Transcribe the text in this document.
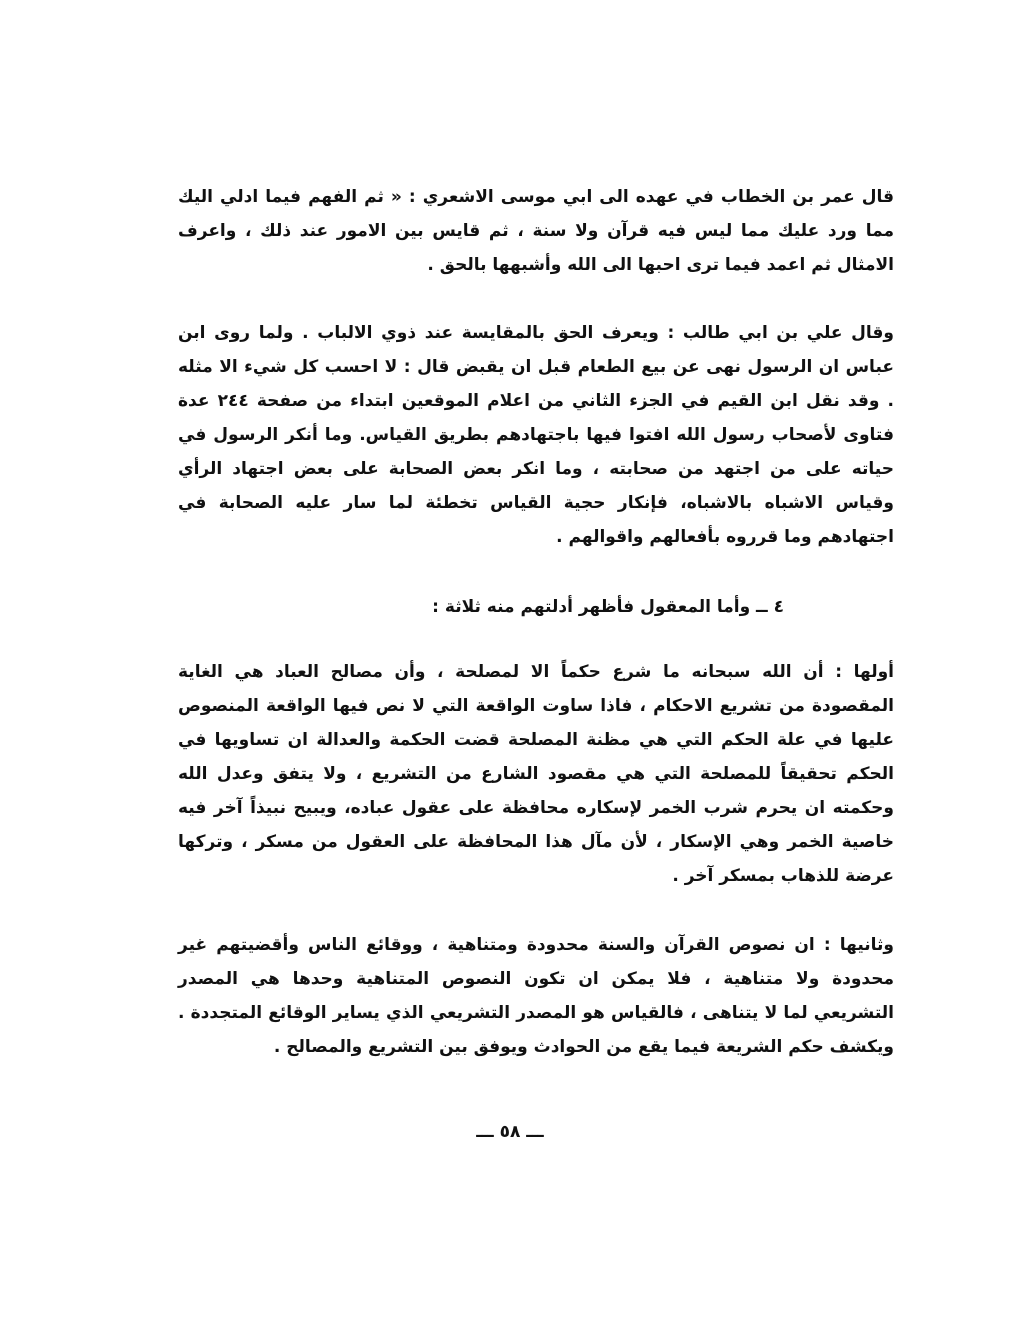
قال عمر بن الخطاب في عهده الى ابي موسى الاشعري : « ثم الفهم فيما ادلي اليك مما ورد عليك مما ليس فيه قرآن ولا سنة ، ثم قايس بين الامور عند ذلك ، واعرف الامثال ثم اعمد فيما ترى احبها الى الله وأشبهها بالحق .

وقال علي بن ابي طالب : ويعرف الحق بالمقايسة عند ذوي الالباب . ولما روى ابن عباس ان الرسول نهى عن بيع الطعام قبل ان يقبض قال : لا احسب كل شيء الا مثله . وقد نقل ابن القيم في الجزء الثاني من اعلام الموقعين ابتداء من صفحة ٢٤٤ عدة فتاوى لأصحاب رسول الله افتوا فيها باجتهادهم بطريق القياس. وما أنكر الرسول في حياته على من اجتهد من صحابته ، وما انكر بعض الصحابة على بعض اجتهاد الرأي وقياس الاشباه بالاشباه، فإنكار حجية القياس تخطئة لما سار عليه الصحابة في اجتهادهم وما قرروه بأفعالهم واقوالهم .

٤ ــ وأما المعقول فأظهر أدلتهم منه ثلاثة :

أولها : أن الله سبحانه ما شرع حكماً الا لمصلحة ، وأن مصالح العباد هي الغاية المقصودة من تشريع الاحكام ، فاذا ساوت الواقعة التي لا نص فيها الواقعة المنصوص عليها في علة الحكم التي هي مظنة المصلحة قضت الحكمة والعدالة ان تساويها في الحكم تحقيقاً للمصلحة التي هي مقصود الشارع من التشريع ، ولا يتفق وعدل الله وحكمته ان يحرم شرب الخمر لإسكاره محافظة على عقول عباده، ويبيح نبيذاً آخر فيه خاصية الخمر وهي الإسكار ، لأن مآل هذا المحافظة على العقول من مسكر ، وتركها عرضة للذهاب بمسكر آخر .

وثانيها : ان نصوص القرآن والسنة محدودة ومتناهية ، ووقائع الناس وأقضيتهم غير محدودة ولا متناهية ، فلا يمكن ان تكون النصوص المتناهية وحدها هي المصدر التشريعي لما لا يتناهى ، فالقياس هو المصدر التشريعي الذي يساير الوقائع المتجددة . ويكشف حكم الشريعة فيما يقع من الحوادث ويوفق بين التشريع والمصالح .

ـــ ٥٨ ـــ
